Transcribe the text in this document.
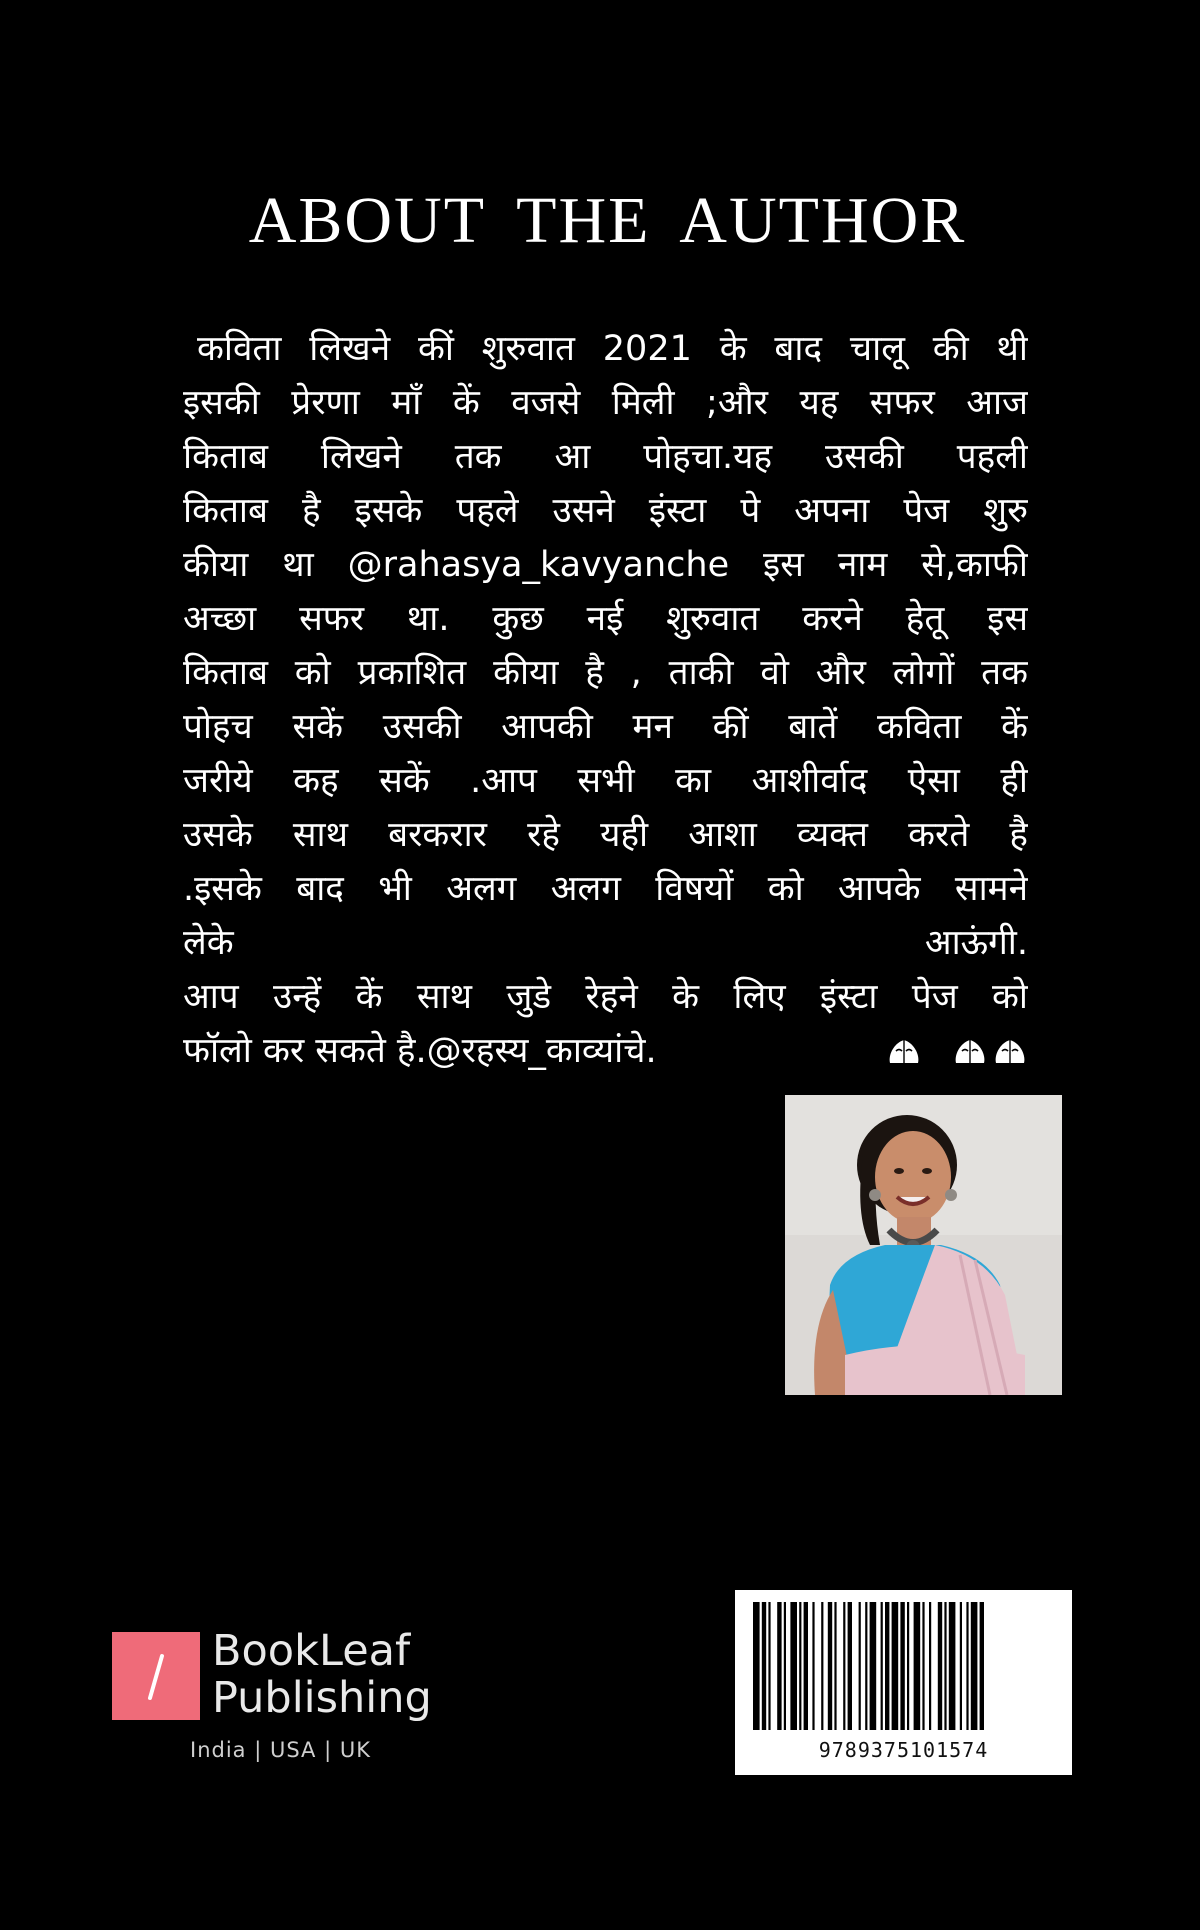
ABOUT THE AUTHOR
कविता लिखने कीं शुरुवात 2021 के बाद चालू की थी
इसकी प्रेरणा माँ कें वजसे मिली ;और यह सफर आज
किताब लिखने तक आ पोहचा.यह उसकी पहली
किताब है इसके पहले उसने इंस्टा पे अपना पेज शुरु
कीया था @rahasya_kavyanche इस नाम से,काफी
अच्छा सफर था. कुछ नई शुरुवात करने हेतू इस
किताब को प्रकाशित कीया है , ताकी वो और लोगों तक
पोहच सकें उसकी आपकी मन कीं बातें कविता कें
जरीये कह सकें .आप सभी का आशीर्वाद ऐसा ही
उसके साथ बरकरार रहे यही आशा व्यक्त करते है
.इसके बाद भी अलग अलग विषयों को आपके सामने
लेके आऊंगी.
आप उन्हें कें साथ जुडे रेहने के लिए इंस्टा पेज को
फॉलो कर सकते है.@रहस्य_काव्यांचे.
BookLeaf
Publishing
India | USA | UK	9789375101574
